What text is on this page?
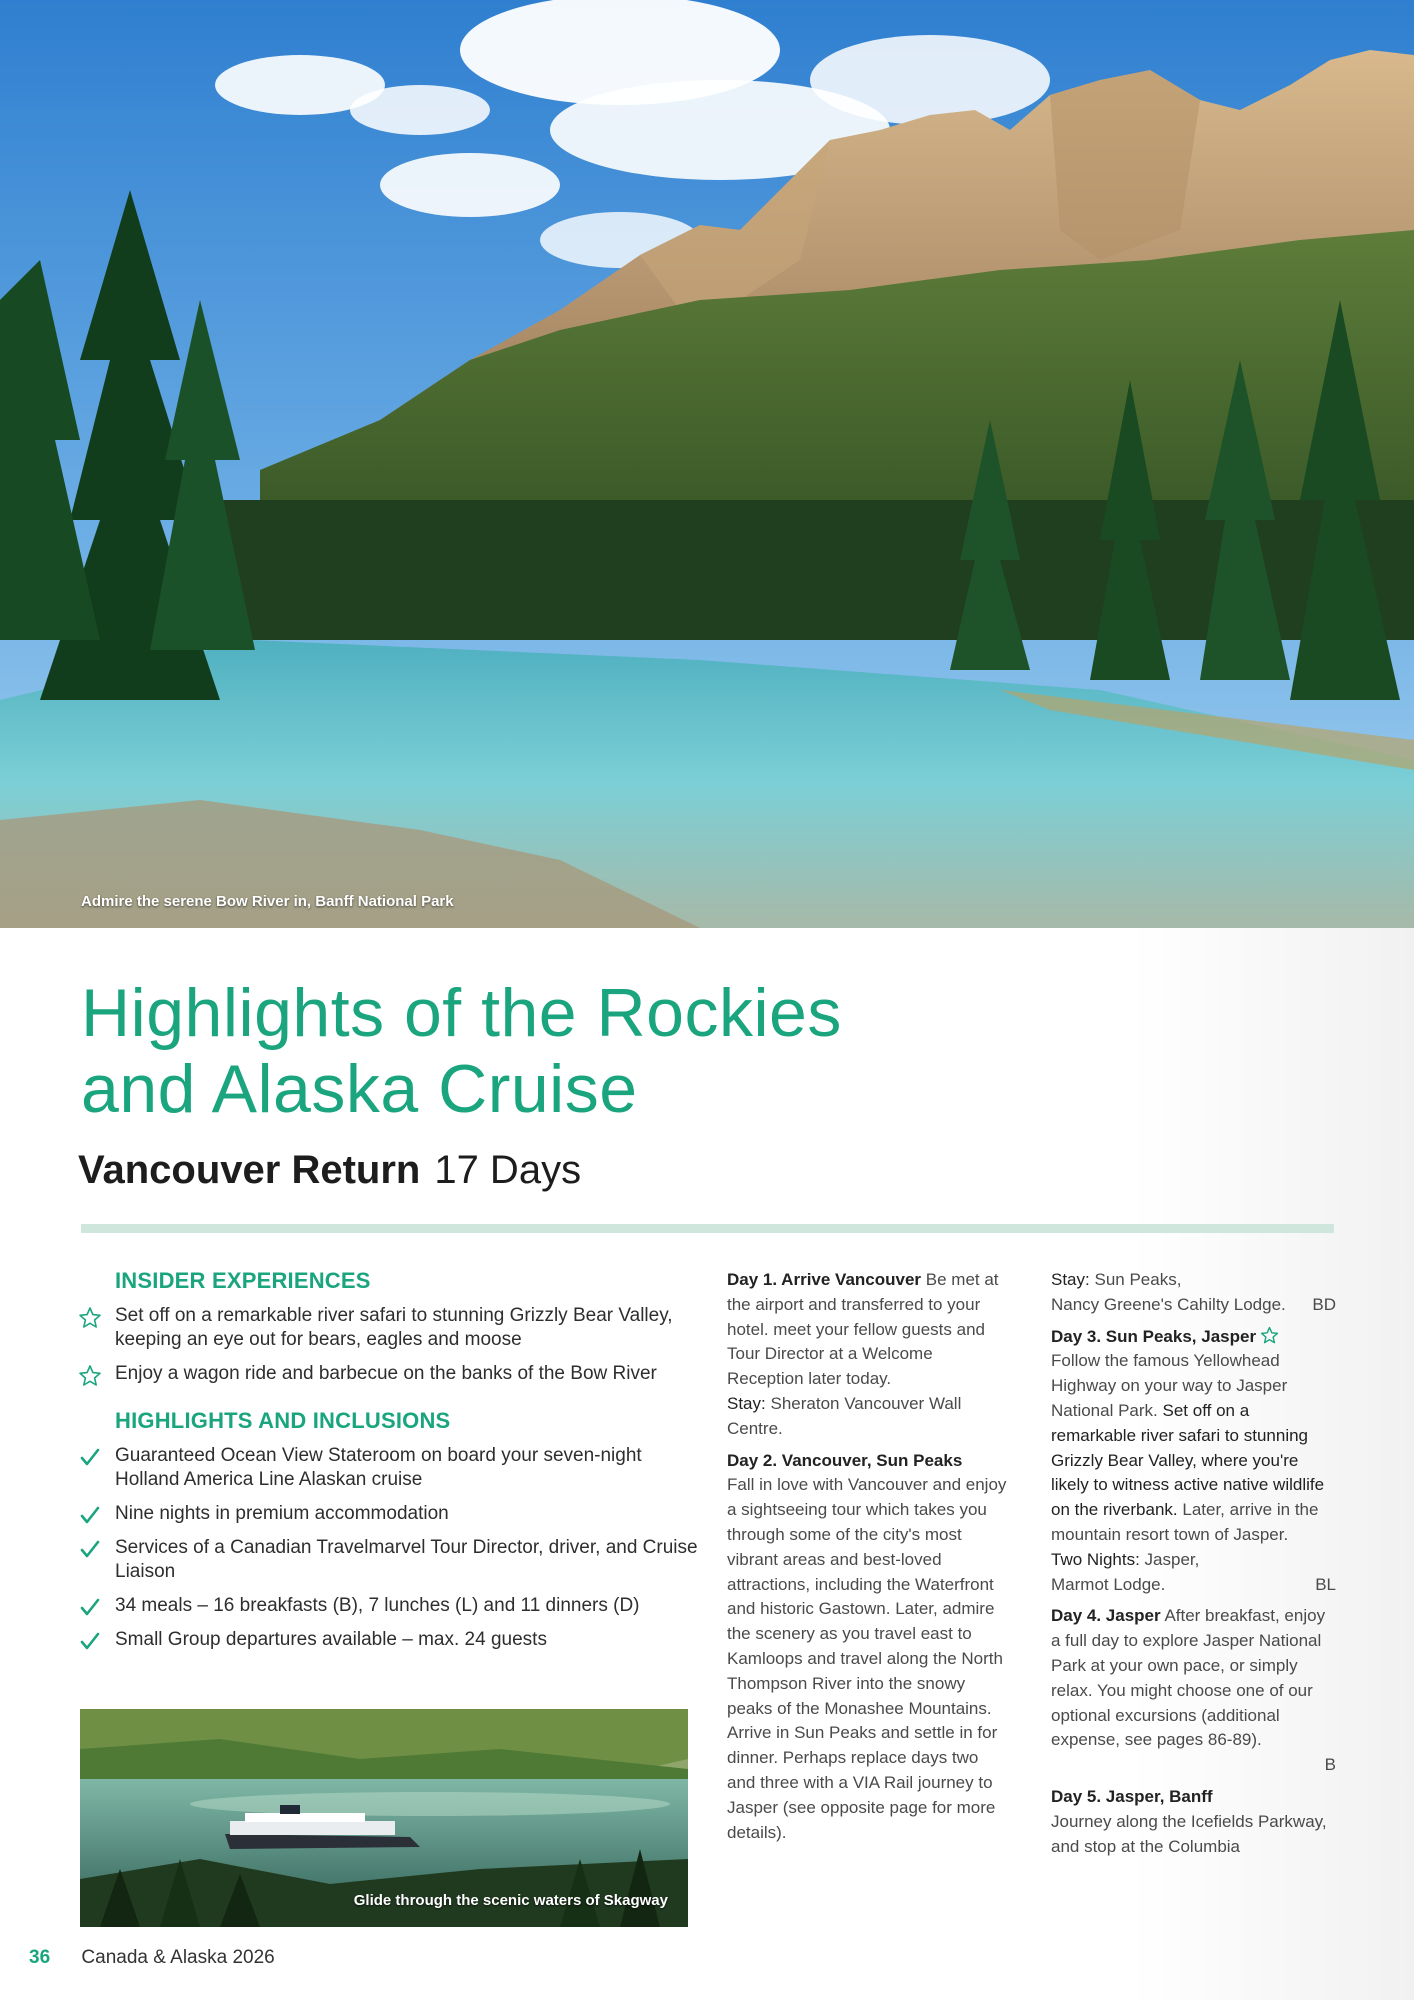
Admire the serene Bow River in, Banff National Park
Highlights of the Rockies
and Alaska Cruise
Vancouver Return 17 Days
INSIDER EXPERIENCES
Set off on a remarkable river safari to stunning Grizzly Bear Valley, keeping an eye out for bears, eagles and moose
Enjoy a wagon ride and barbecue on the banks of the Bow River
HIGHLIGHTS AND INCLUSIONS
Guaranteed Ocean View Stateroom on board your seven-night Holland America Line Alaskan cruise
Nine nights in premium accommodation
Services of a Canadian Travelmarvel Tour Director, driver, and Cruise Liaison
34 meals – 16 breakfasts (B), 7 lunches (L) and 11 dinners (D)
Small Group departures available – max. 24 guests
Glide through the scenic waters of Skagway
Day 1. Arrive Vancouver Be met at the airport and transferred to your hotel. meet your fellow guests and Tour Director at a Welcome Reception later today.
Stay: Sheraton Vancouver Wall Centre.
Day 2. Vancouver, Sun Peaks
Fall in love with Vancouver and enjoy a sightseeing tour which takes you through some of the city's most vibrant areas and best-loved attractions, including the Waterfront and historic Gastown. Later, admire the scenery as you travel east to Kamloops and travel along the North Thompson River into the snowy peaks of the Monashee Mountains. Arrive in Sun Peaks and settle in for dinner. Perhaps replace days two and three with a VIA Rail journey to Jasper (see opposite page for more details).
Stay: Sun Peaks,
Nancy Greene's Cahilty Lodge. BD
Day 3. Sun Peaks, Jasper
Follow the famous Yellowhead Highway on your way to Jasper National Park. Set off on a remarkable river safari to stunning Grizzly Bear Valley, where you're likely to witness active native wildlife on the riverbank. Later, arrive in the mountain resort town of Jasper.
Two Nights: Jasper,
Marmot Lodge.	BL
Day 4. Jasper After breakfast, enjoy a full day to explore Jasper National Park at your own pace, or simply relax. You might choose one of our optional excursions (additional expense, see pages 86-89).
B
Day 5. Jasper, Banff
Journey along the Icefields Parkway, and stop at the Columbia
36 Canada & Alaska 2026
